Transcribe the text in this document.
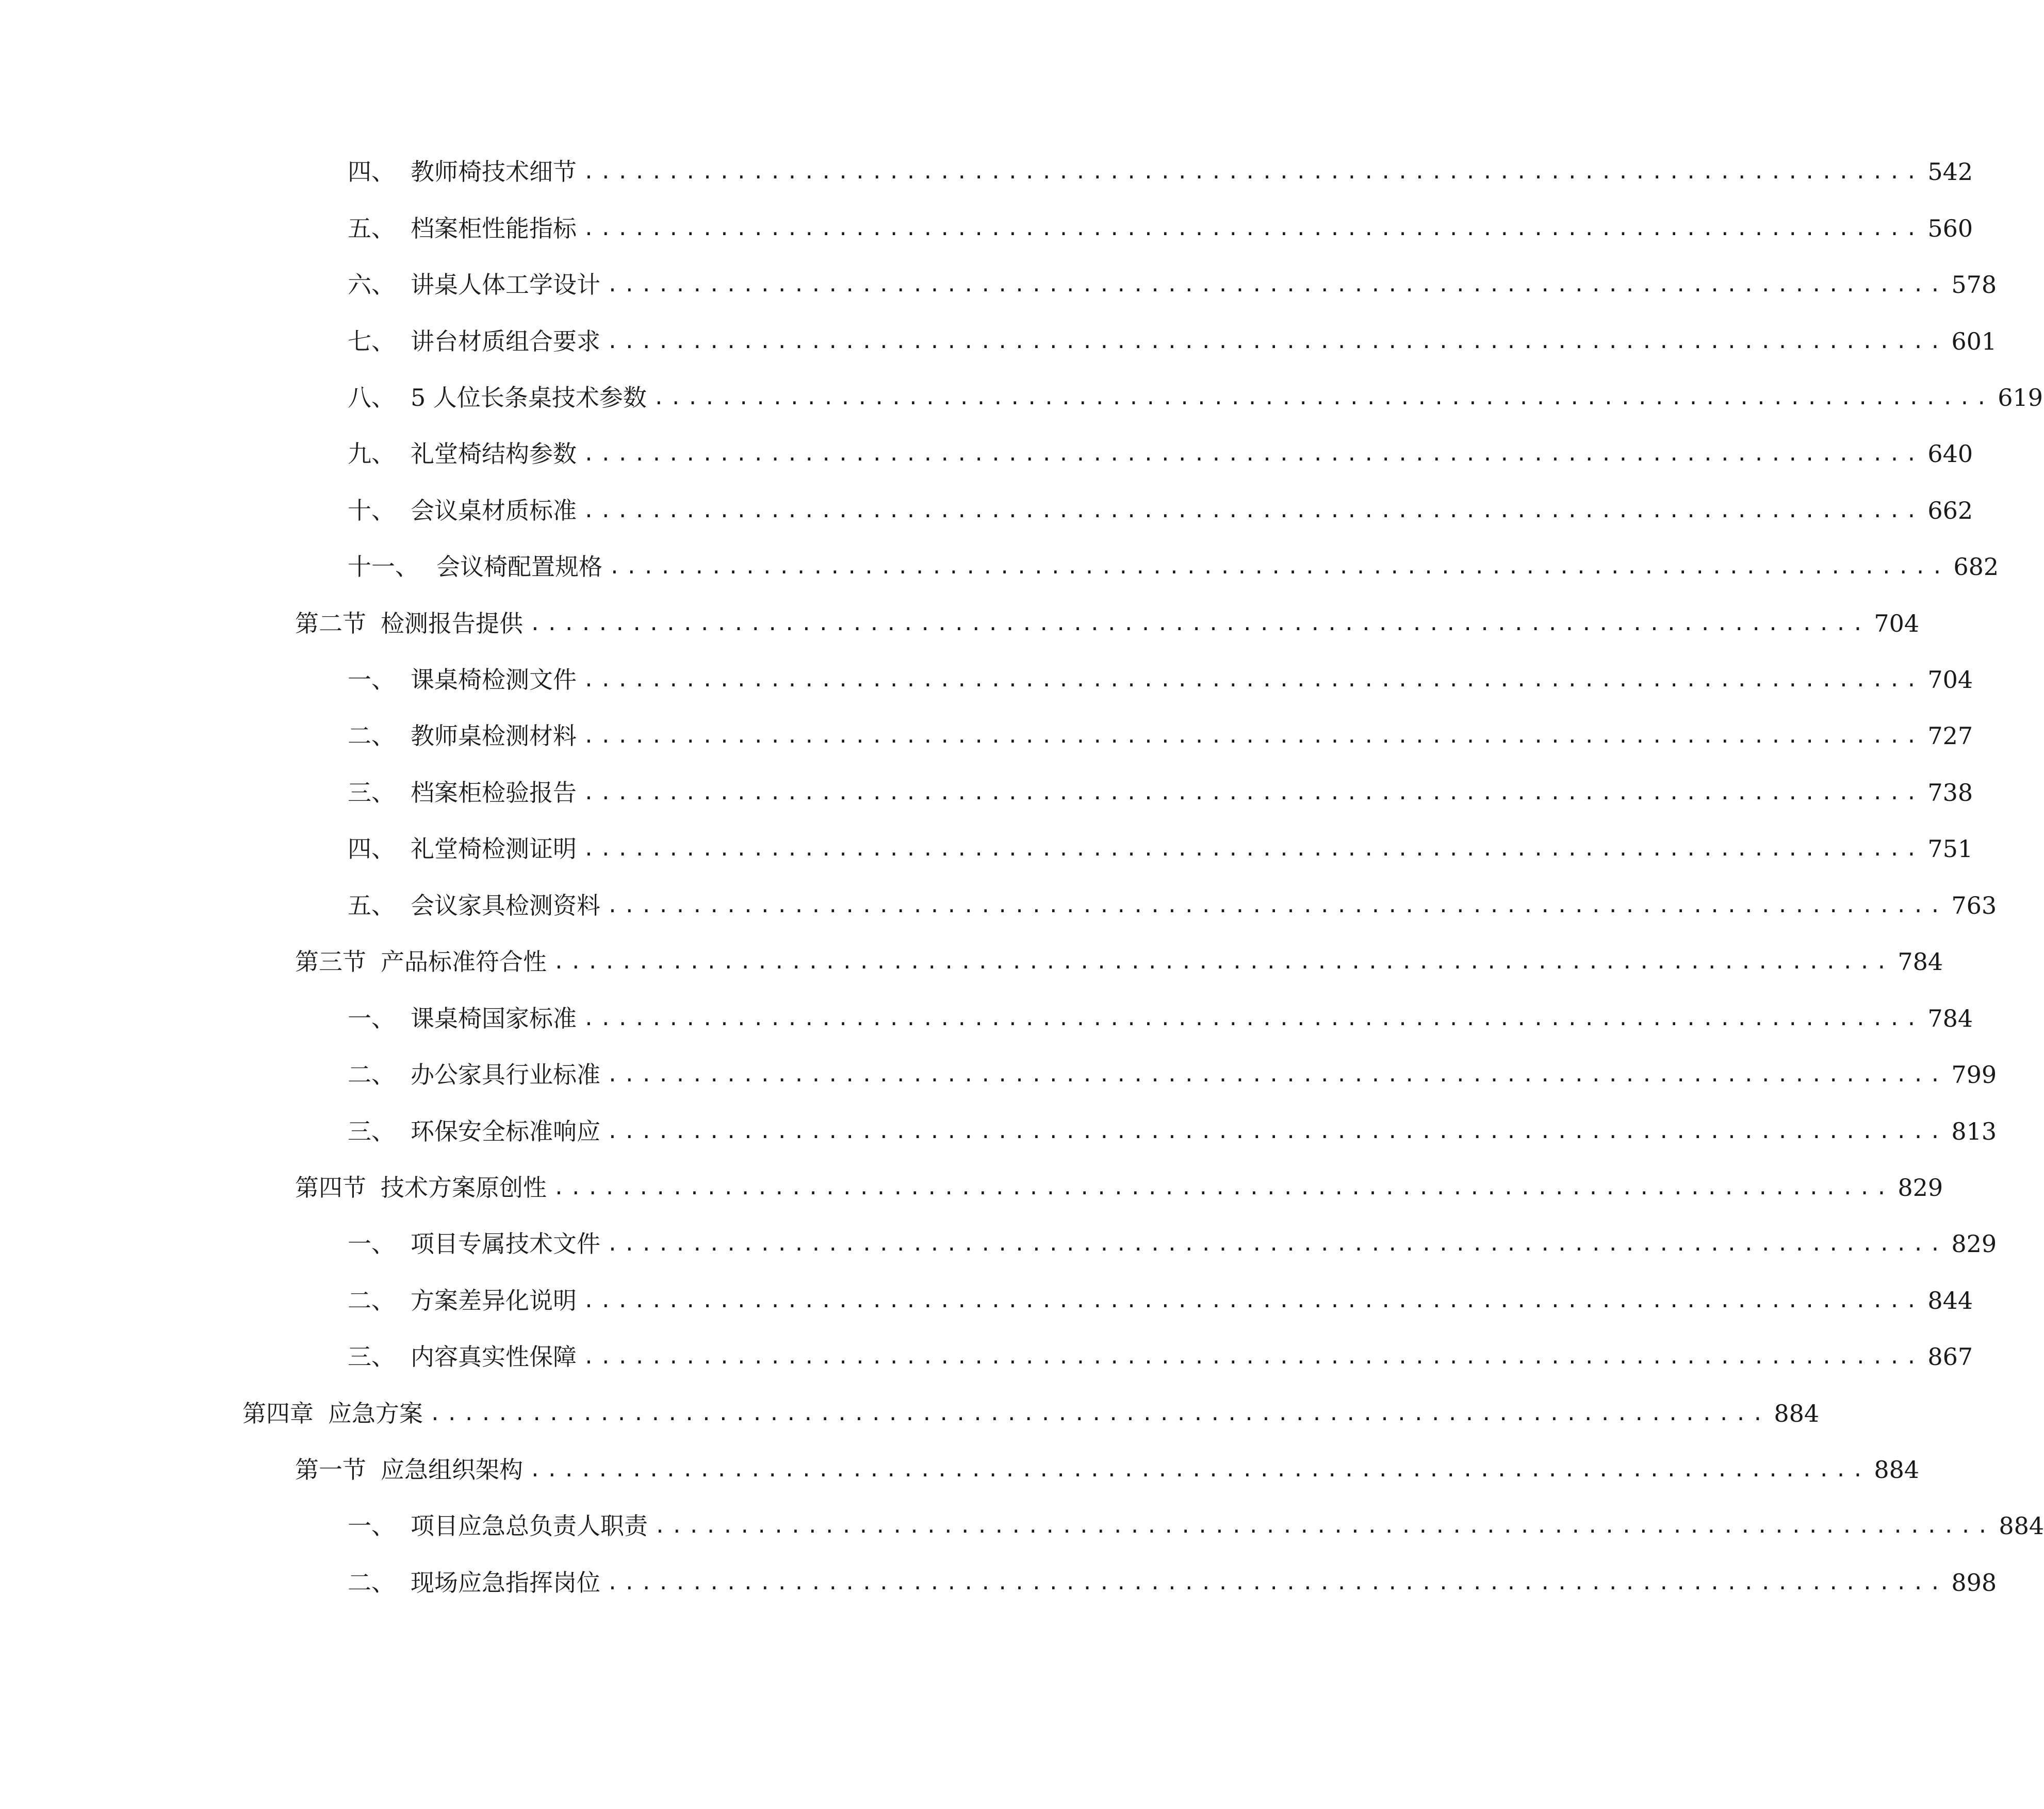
四、 教师椅技术细节 ............................................................................... 542
五、 档案柜性能指标 ............................................................................... 560
六、 讲桌人体工学设计 ............................................................................... 578
七、 讲台材质组合要求 ............................................................................... 601
八、 5 人位长条桌技术参数 ............................................................................... 619
九、 礼堂椅结构参数 ............................................................................... 640
十、 会议桌材质标准 ............................................................................... 662
十一、 会议椅配置规格 ............................................................................... 682
第二节 检测报告提供 ............................................................................... 704
一、 课桌椅检测文件 ............................................................................... 704
二、 教师桌检测材料 ............................................................................... 727
三、 档案柜检验报告 ............................................................................... 738
四、 礼堂椅检测证明 ............................................................................... 751
五、 会议家具检测资料 ............................................................................... 763
第三节 产品标准符合性 ............................................................................... 784
一、 课桌椅国家标准 ............................................................................... 784
二、 办公家具行业标准 ............................................................................... 799
三、 环保安全标准响应 ............................................................................... 813
第四节 技术方案原创性 ............................................................................... 829
一、 项目专属技术文件 ............................................................................... 829
二、 方案差异化说明 ............................................................................... 844
三、 内容真实性保障 ............................................................................... 867
第四章 应急方案 ............................................................................... 884
第一节 应急组织架构 ............................................................................... 884
一、 项目应急总负责人职责 ............................................................................... 884
二、 现场应急指挥岗位 ............................................................................... 898
